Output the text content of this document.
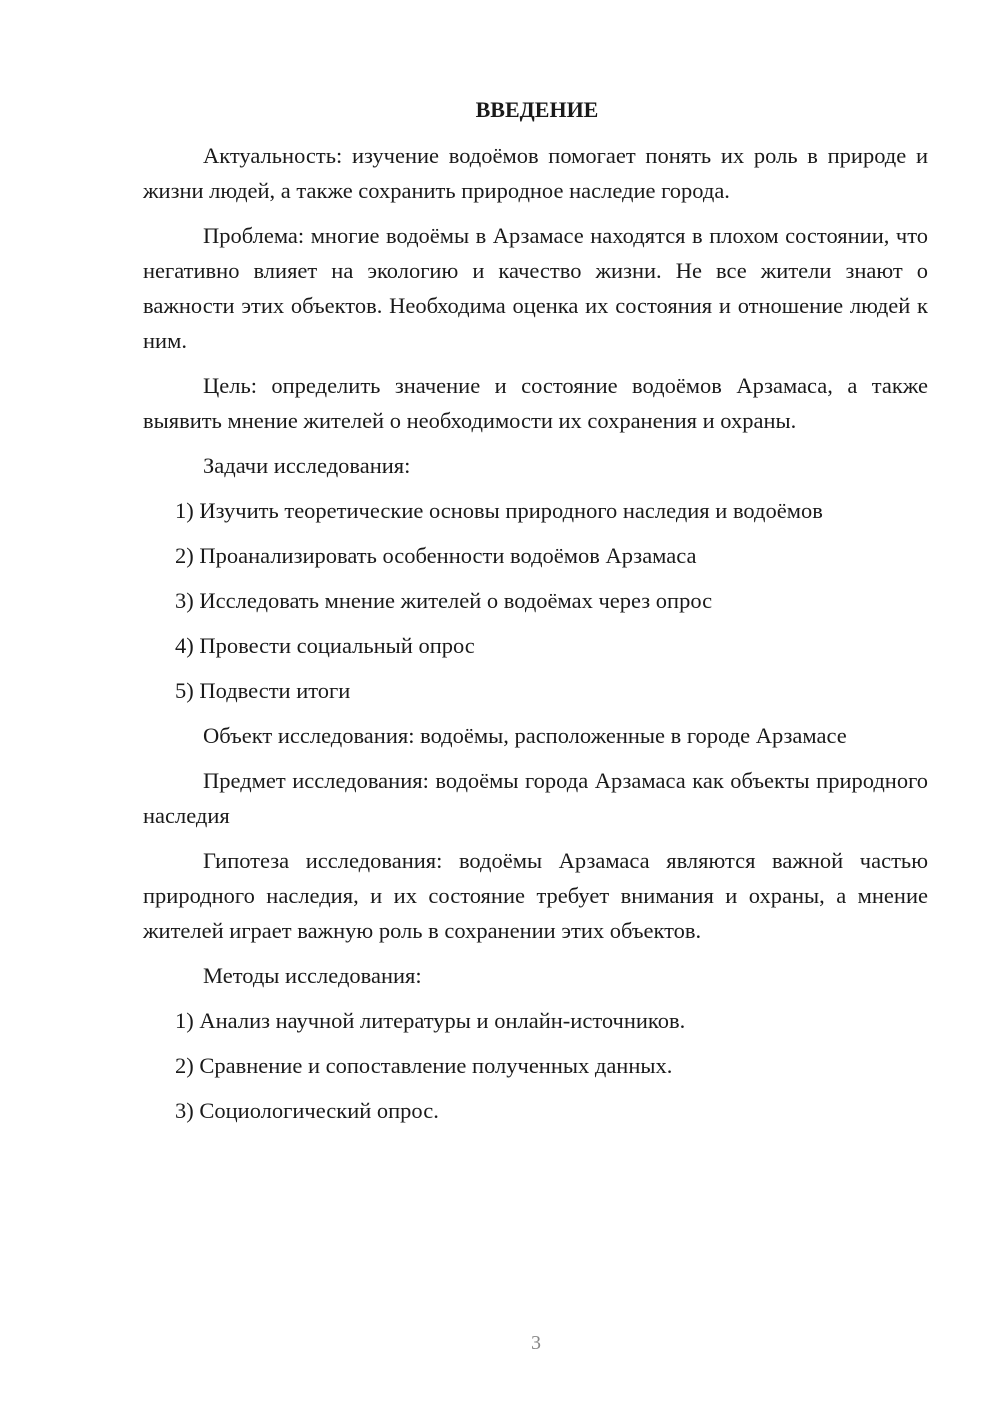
ВВЕДЕНИЕ

Актуальность: изучение водоёмов помогает понять их роль в природе и жизни людей, а также сохранить природное наследие города.

Проблема: многие водоёмы в Арзамасе находятся в плохом состоянии, что негативно влияет на экологию и качество жизни. Не все жители знают о важности этих объектов. Необходима оценка их состояния и отношение людей к ним.

Цель: определить значение и состояние водоёмов Арзамаса, а также выявить мнение жителей о необходимости их сохранения и охраны.

Задачи исследования:

1) Изучить теоретические основы природного наследия и водоёмов
2) Проанализировать особенности водоёмов Арзамаса
3) Исследовать мнение жителей о водоёмах через опрос
4) Провести социальный опрос
5) Подвести итоги

Объект исследования: водоёмы, расположенные в городе Арзамасе

Предмет исследования: водоёмы города Арзамаса как объекты природного наследия

Гипотеза исследования: водоёмы Арзамаса являются важной частью природного наследия, и их состояние требует внимания и охраны, а мнение жителей играет важную роль в сохранении этих объектов.

Методы исследования:

1) Анализ научной литературы и онлайн-источников.
2) Сравнение и сопоставление полученных данных.
3) Социологический опрос.
3
